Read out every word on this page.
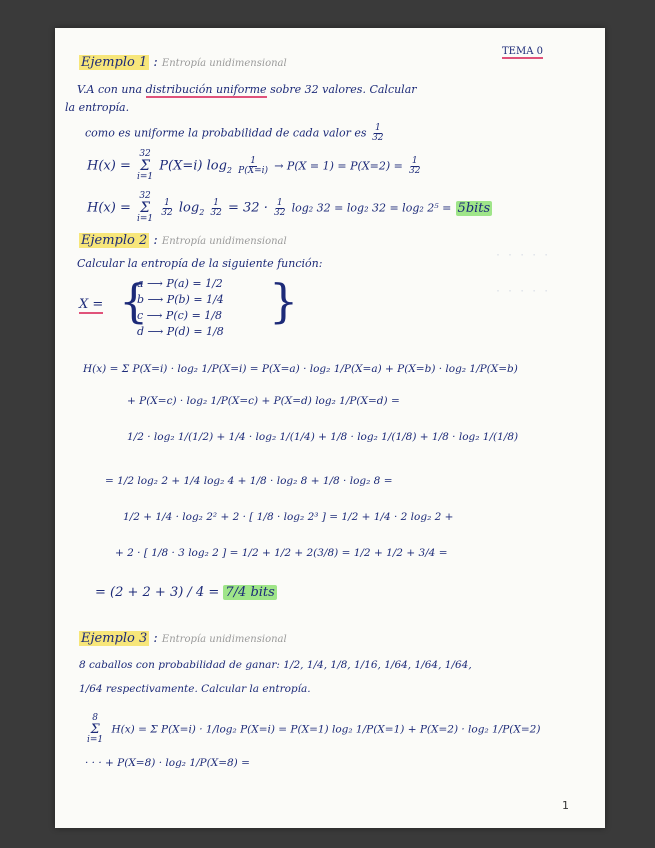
· · · · ·
· · · · ·
TEMA 0
Ejemplo 1 : Entropía unidimensional
V.A con una distribución uniforme sobre 32 valores. Calcular
la entropía.
como es uniforme la probabilidad de cada valor es $\frac{1}{32}$
H(x) =
32
Σ
i=1
P(X=i) $\log_2 \frac{1}{P(X=i)} \to P(X = 1) = P(X=2) = \frac{1}{32}$
H(x) =
32
Σ
i=1

$\frac{1}{32} \log_2 \frac{1}{32} = 32 \cdot \frac{1}{32} \log_2$ 32 = log₂ 32 = log₂ 2⁵ = 5bits
Ejemplo 2 : Entropía unidimensional
Calcular la entropía de la siguiente función:
X = {
a ⟶ P(a) = 1/2
b ⟶ P(b) = 1/4
c ⟶ P(c) = 1/8
d ⟶ P(d) = 1/8
}
H(x) = Σ P(X=i) · log₂ 1/P(X=i) = P(X=a) · log₂ 1/P(X=a) + P(X=b) · log₂ 1/P(X=b)
+ P(X=c) · log₂ 1/P(X=c) + P(X=d) log₂ 1/P(X=d) =
1/2 · log₂ 1/(1/2) + 1/4 · log₂ 1/(1/4) + 1/8 · log₂ 1/(1/8) + 1/8 · log₂ 1/(1/8)
= 1/2 log₂ 2 + 1/4 log₂ 4 + 1/8 · log₂ 8 + 1/8 · log₂ 8 =
1/2 + 1/4 · log₂ 2² + 2 · [ 1/8 · log₂ 2³ ] = 1/2 + 1/4 · 2 log₂ 2 +
+ 2 · [ 1/8 · 3 log₂ 2 ] = 1/2 + 1/2 + 2(3/8) = 1/2 + 1/2 + 3/4 =
= (2 + 2 + 3) / 4 = 7/4 bits
Ejemplo 3 : Entropía unidimensional
8 caballos con probabilidad de ganar: 1/2, 1/4, 1/8, 1/16, 1/64, 1/64, 1/64,
1/64 respectivamente. Calcular la entropía.
8
Σ
i=1
H(x) = Σ P(X=i) · 1/log₂ P(X=i) = P(X=1) log₂ 1/P(X=1) + P(X=2) · log₂ 1/P(X=2)
· · · + P(X=8) · log₂ 1/P(X=8) =
1
